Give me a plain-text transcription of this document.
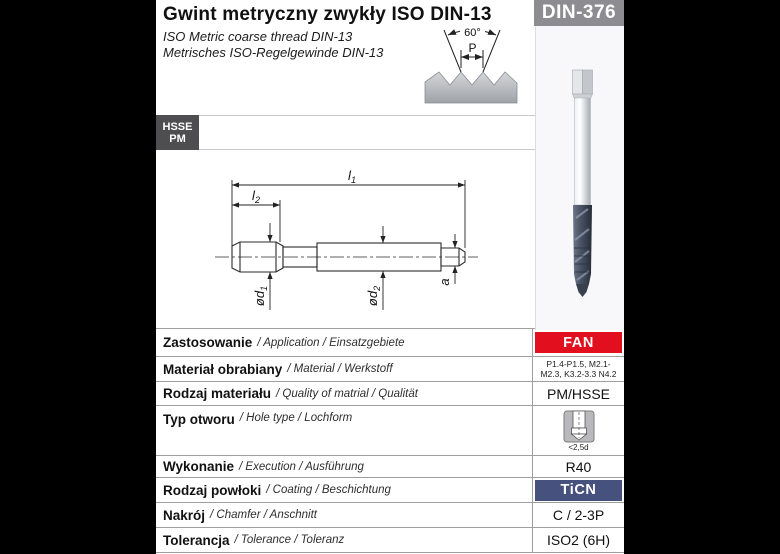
Gwint metryczny zwykły ISO DIN-13
ISO Metric coarse thread DIN-13
Metrisches ISO-Regelgewinde DIN-13
DIN-376
60°
P
HSSE
PM
$l_1$
$l_2$
$ød_1$
$ød_2$
a
Zastosowanie / Application / Einsatzgebiete	FAN
Materiał obrabiany / Material / Werkstoff	P1.4-P1.5, M2.1-
M2.3, K3.2-3.3 N4.2
Rodzaj materiału / Quality of matrial / Qualität	PM/HSSE
Typ otworu / Hole type / Lochform
<2,5d
Wykonanie / Execution / Ausführung	R40
Rodzaj powłoki / Coating / Beschichtung	TiCN
Nakrój / Chamfer / Anschnitt	C / 2-3P
Tolerancja / Tolerance / Toleranz	ISO2 (6H)
